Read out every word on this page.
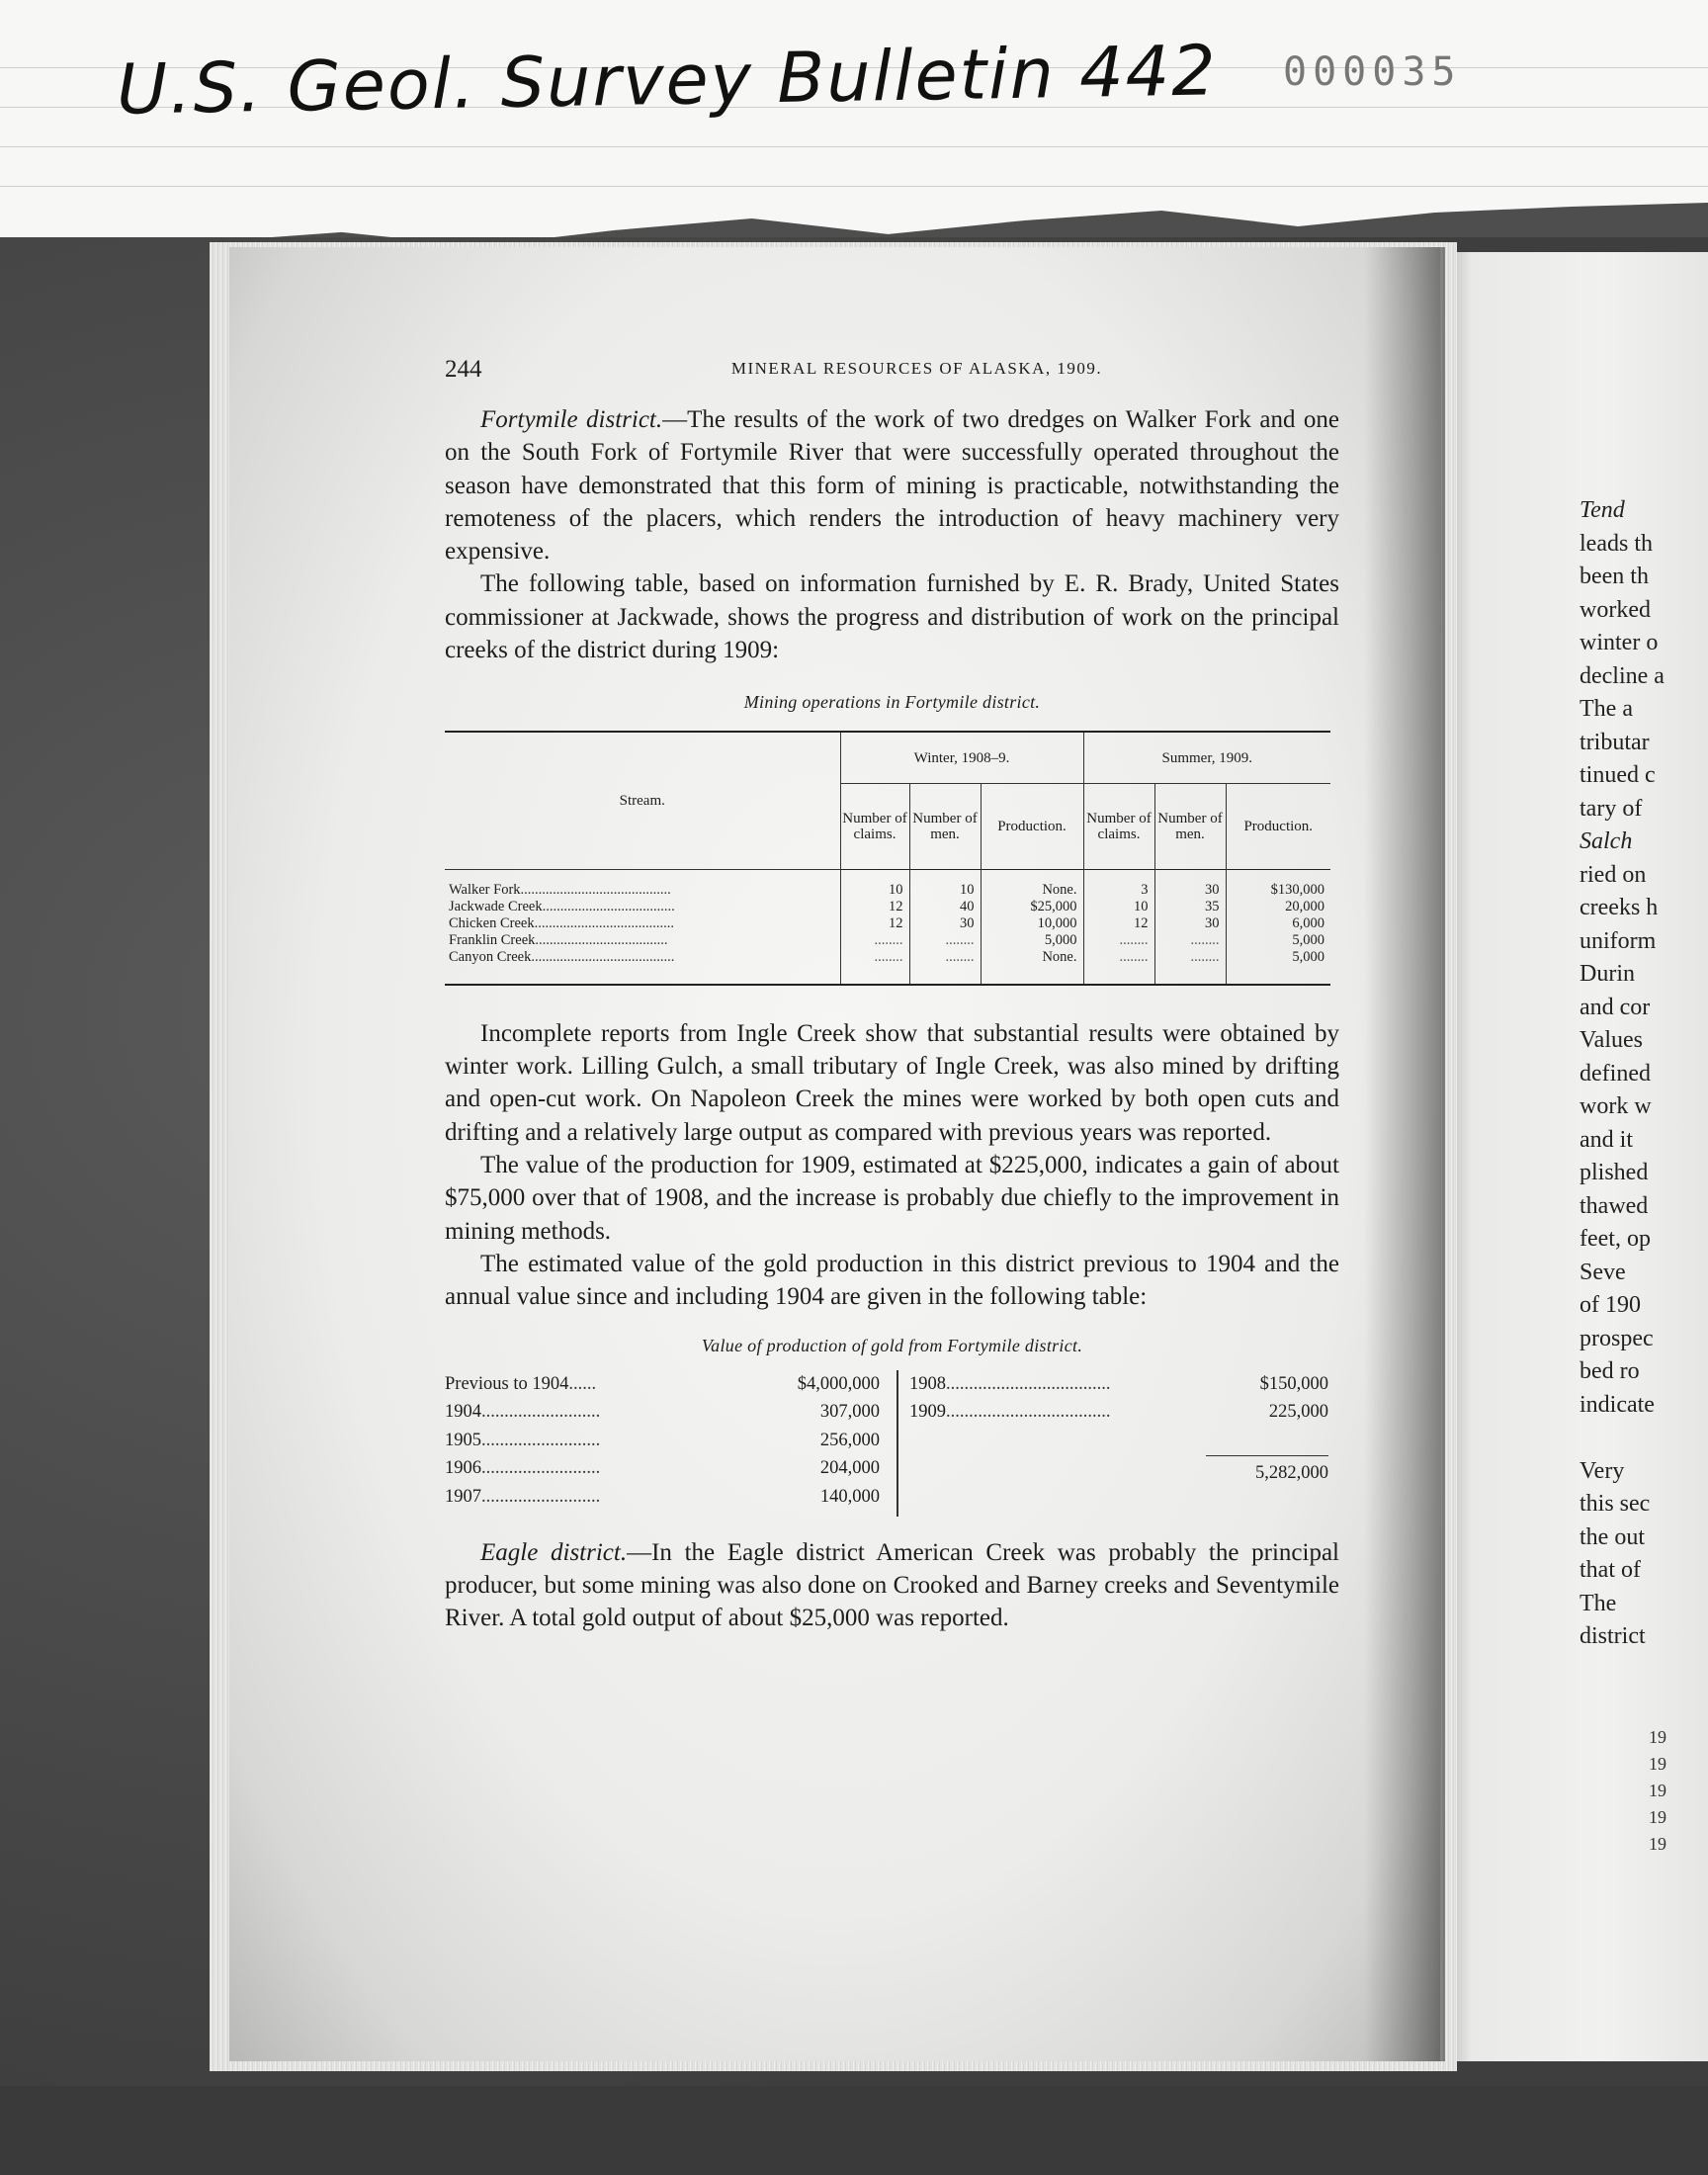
U.S. Geol. Survey Bulletin 442 000035
Tend
leads th
been th
worked
winter o
decline a
The a
tributar
tinued c
tary of
Salch
ried on
creeks h
uniform
Durin
and cor
Values
defined
work w
and it
plished
thawed
feet, op
Seve
of 190
prospec
bed ro
indicate
Very
this sec
the out
that of
The
district
19
19
19
19
19
244	MINERAL RESOURCES OF ALASKA, 1909.

Fortymile district.—The results of the work of two dredges on Walker Fork and one on the South Fork of Fortymile River that were successfully operated throughout the season have demonstrated that this form of mining is practicable, notwithstanding the remoteness of the placers, which renders the introduction of heavy machinery very expensive.

The following table, based on information furnished by E. R. Brady, United States commissioner at Jackwade, shows the progress and distribution of work on the principal creeks of the district during 1909:

Mining operations in Fortymile district.
Stream.	Winter, 1908–9.			Summer, 1909.		
	Number of claims.	Number of men.	Production.	Number of claims.	Number of men.	Production.
Walker Fork..........................................	10	10	None.	3	30	$130,000
Jackwade Creek.....................................	12	40	$25,000	10	35	20,000
Chicken Creek.......................................	12	30	10,000	12	30	6,000
Franklin Creek.....................................	........	........	5,000	........	........	5,000
Canyon Creek........................................	........	........	None.	........	........	5,000

Incomplete reports from Ingle Creek show that substantial results were obtained by winter work. Lilling Gulch, a small tributary of Ingle Creek, was also mined by drifting and open-cut work. On Napoleon Creek the mines were worked by both open cuts and drifting and a relatively large output as compared with previous years was reported.

The value of the production for 1909, estimated at $225,000, indicates a gain of about $75,000 over that of 1908, and the increase is probably due chiefly to the improvement in mining methods.

The estimated value of the gold production in this district previous to 1904 and the annual value since and including 1904 are given in the following table:

Value of production of gold from Fortymile district.
Previous to 1904......	$4,000,000
1904..........................	307,000
1905..........................	256,000
1906..........................	204,000
1907..........................	140,000
1908....................................	$150,000
1909....................................	225,000
5,282,000

Eagle district.—In the Eagle district American Creek was probably the principal producer, but some mining was also done on Crooked and Barney creeks and Seventymile River. A total gold output of about $25,000 was reported.
